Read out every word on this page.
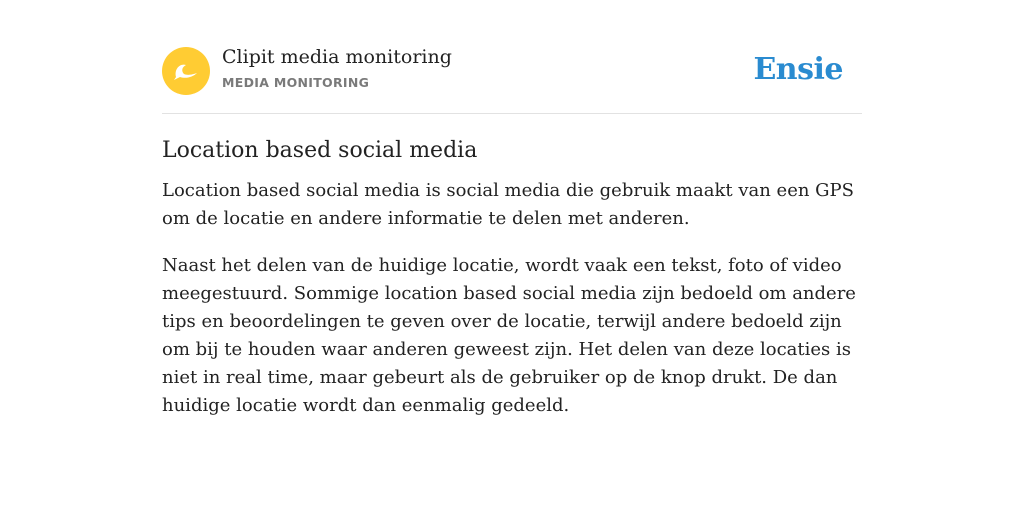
Clipit media monitoring
MEDIA MONITORING	Ensie
Location based social media

Location based social media is social media die gebruik maakt van een GPS om de locatie en andere informatie te delen met anderen.

Naast het delen van de huidige locatie, wordt vaak een tekst, foto of video meegestuurd. Sommige location based social media zijn bedoeld om andere tips en beoordelingen te geven over de locatie, terwijl andere bedoeld zijn om bij te houden waar anderen geweest zijn. Het delen van deze locaties is niet in real time, maar gebeurt als de gebruiker op de knop drukt. De dan huidige locatie wordt dan eenmalig gedeeld.
